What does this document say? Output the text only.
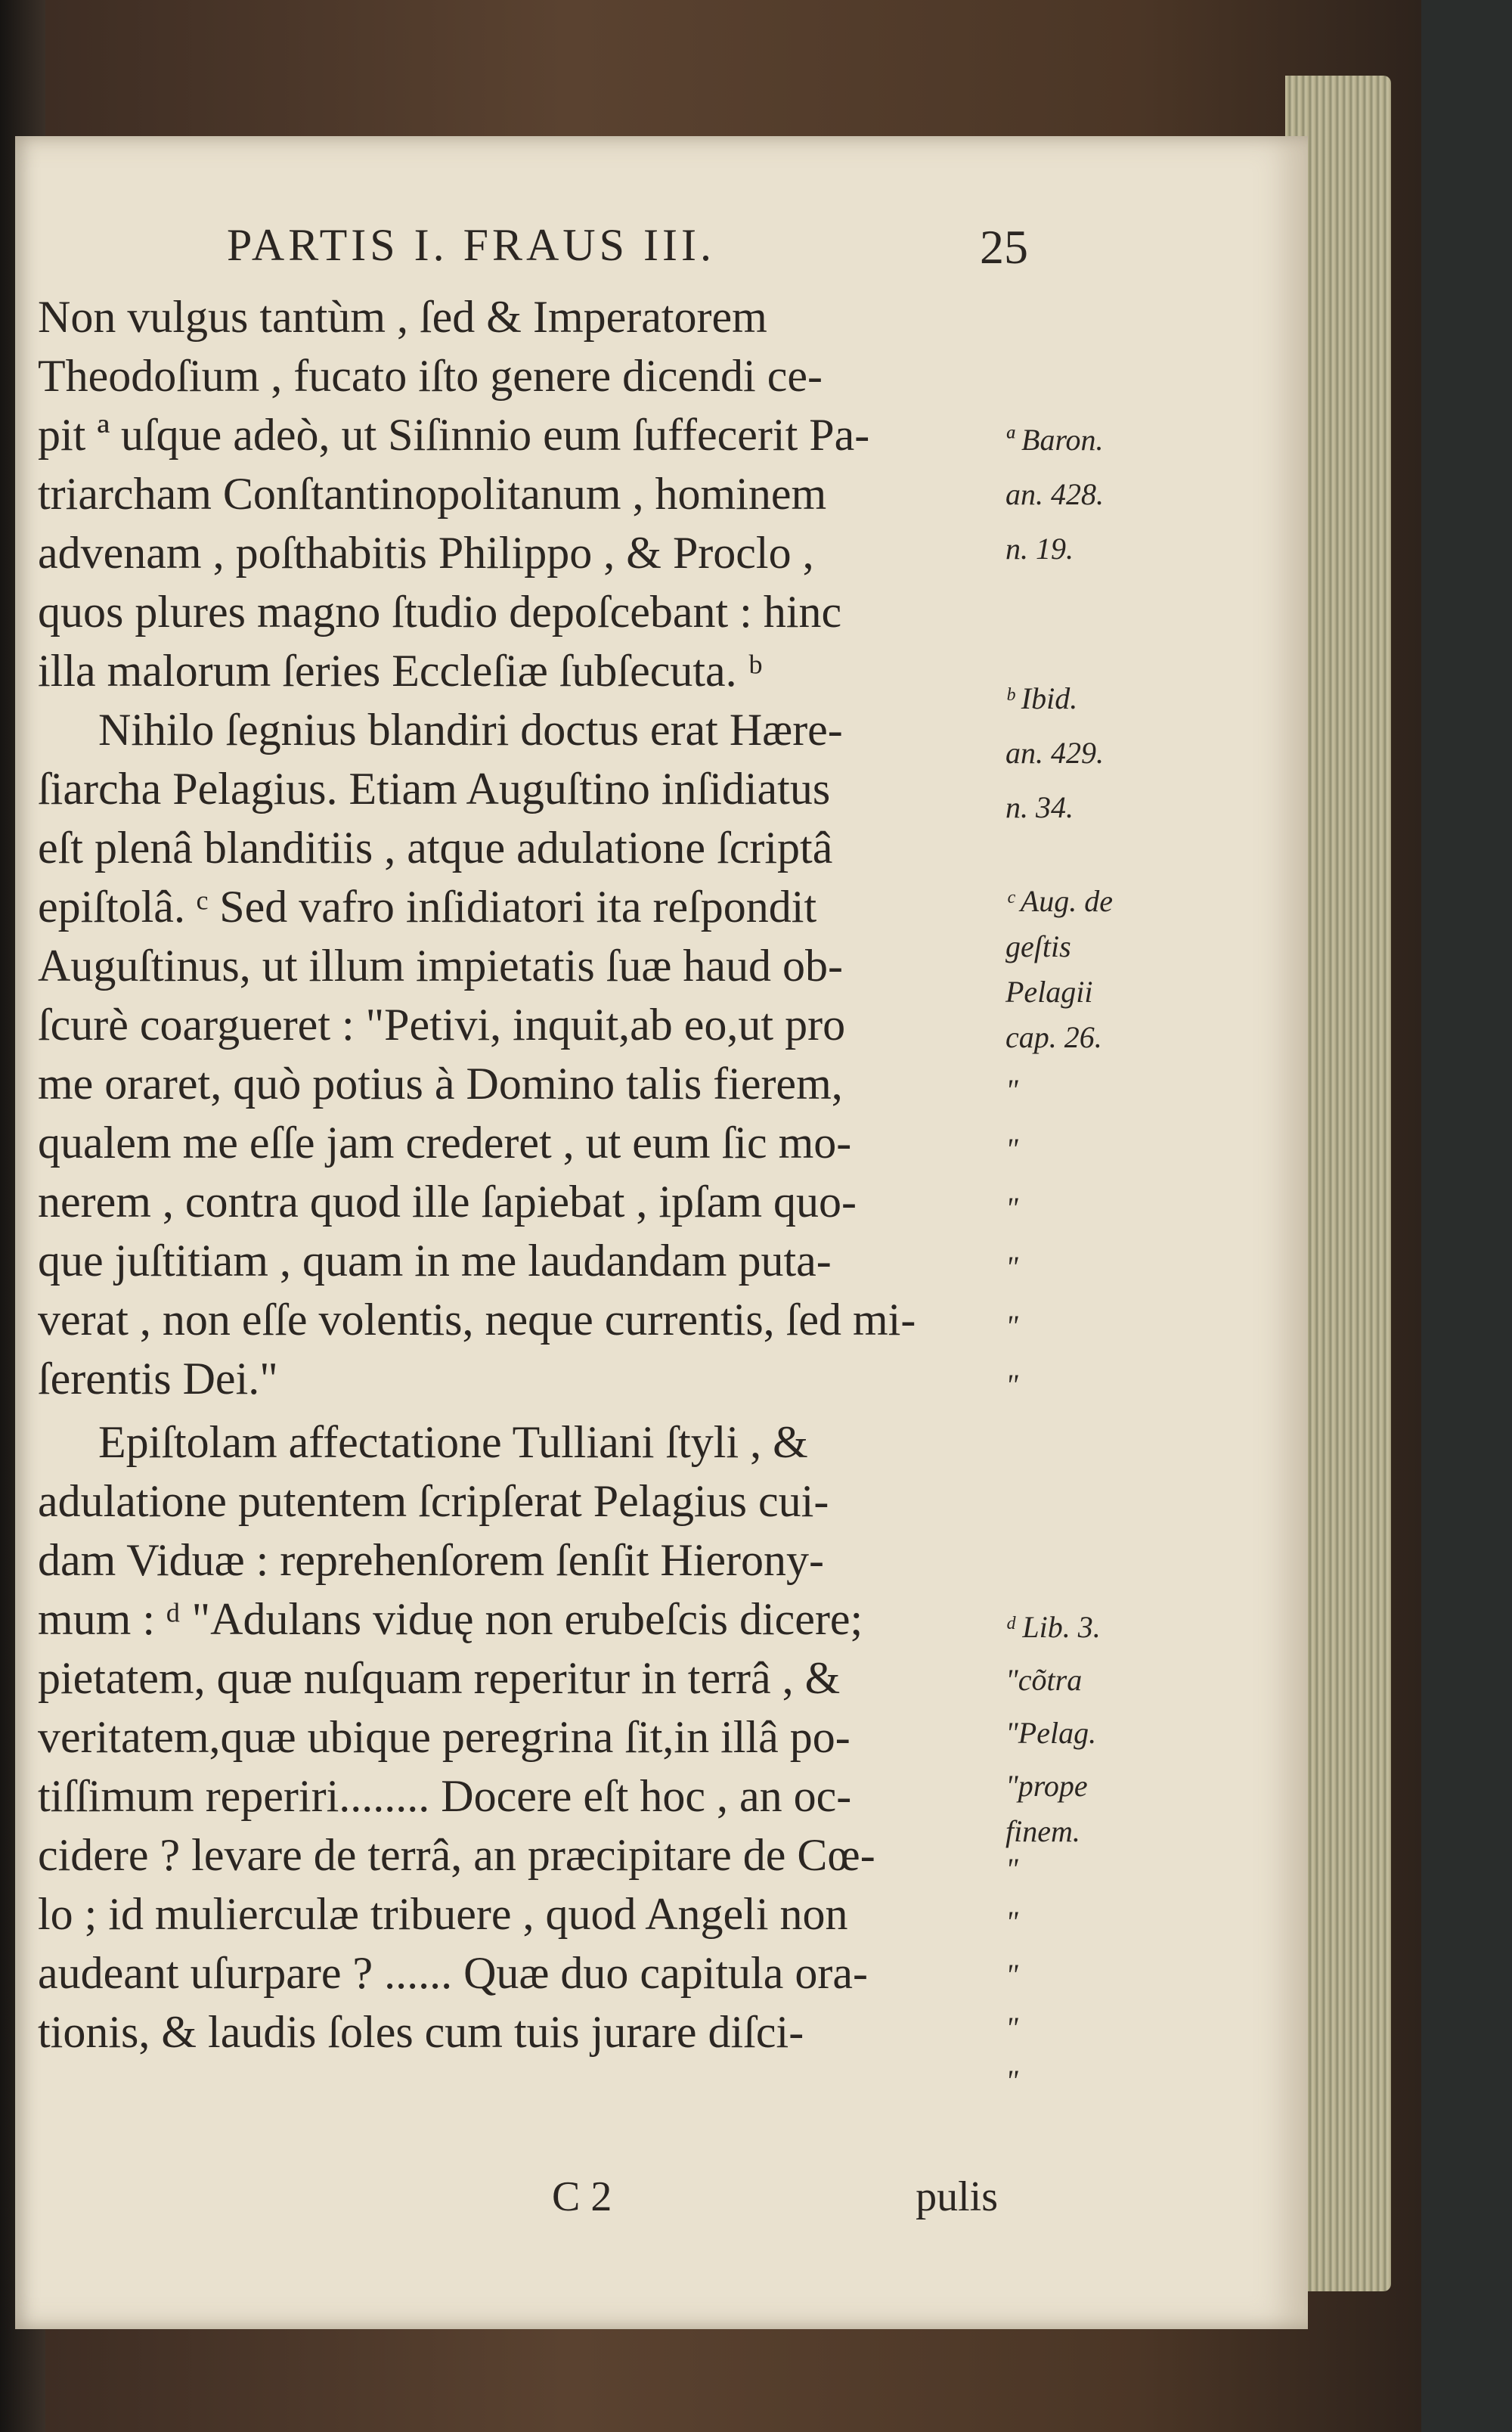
PARTIS I. FRAUS III.	25
Non vulgus tantùm , ſed & Imperatorem
Theodoſium , fucato iſto genere dicendi ce-
pit ª uſque adeò, ut Siſinnio eum ſuffecerit Pa-
triarcham Conſtantinopolitanum , hominem
advenam , poſthabitis Philippo , & Proclo ,
quos plures magno ſtudio depoſcebant : hinc
illa malorum ſeries Eccleſiæ ſubſecuta. ᵇ
Nihilo ſegnius blandiri doctus erat Hære-
ſiarcha Pelagius. Etiam Auguſtino inſidiatus
eſt plenâ blanditiis , atque adulatione ſcriptâ
epiſtolâ. ᶜ Sed vafro inſidiatori ita reſpondit
Auguſtinus, ut illum impietatis ſuæ haud ob-
ſcurè coargueret : "Petivi, inquit,ab eo,ut pro
me oraret, quò potius à Domino talis fierem,
qualem me eſſe jam crederet , ut eum ſic mo-
nerem , contra quod ille ſapiebat , ipſam quo-
que juſtitiam , quam in me laudandam puta-
verat , non eſſe volentis, neque currentis, ſed mi-
ſerentis Dei."
Epiſtolam affectatione Tulliani ſtyli , &
adulatione putentem ſcripſerat Pelagius cui-
dam Viduæ : reprehenſorem ſenſit Hierony-
mum : ᵈ "Adulans viduę non erubeſcis dicere;
pietatem, quæ nuſquam reperitur in terrâ , &
veritatem,quæ ubique peregrina ſit,in illâ po-
tiſſimum reperiri........ Docere eſt hoc , an oc-
cidere ? levare de terrâ, an præcipitare de Cœ-
lo ; id mulierculæ tribuere , quod Angeli non
audeant uſurpare ? ...... Quæ duo capitula ora-
tionis, & laudis ſoles cum tuis jurare diſci-
ª Baron.
an. 428.
n. 19.
ᵇ Ibid.
an. 429.
n. 34.
ᶜ Aug. de
geſtis
Pelagii
cap. 26.
"
"
"
"
"
"
ᵈ Lib. 3.
"cõtra
"Pelag.
"prope
finem.
"
"
"
"
"
C 2	pulis
